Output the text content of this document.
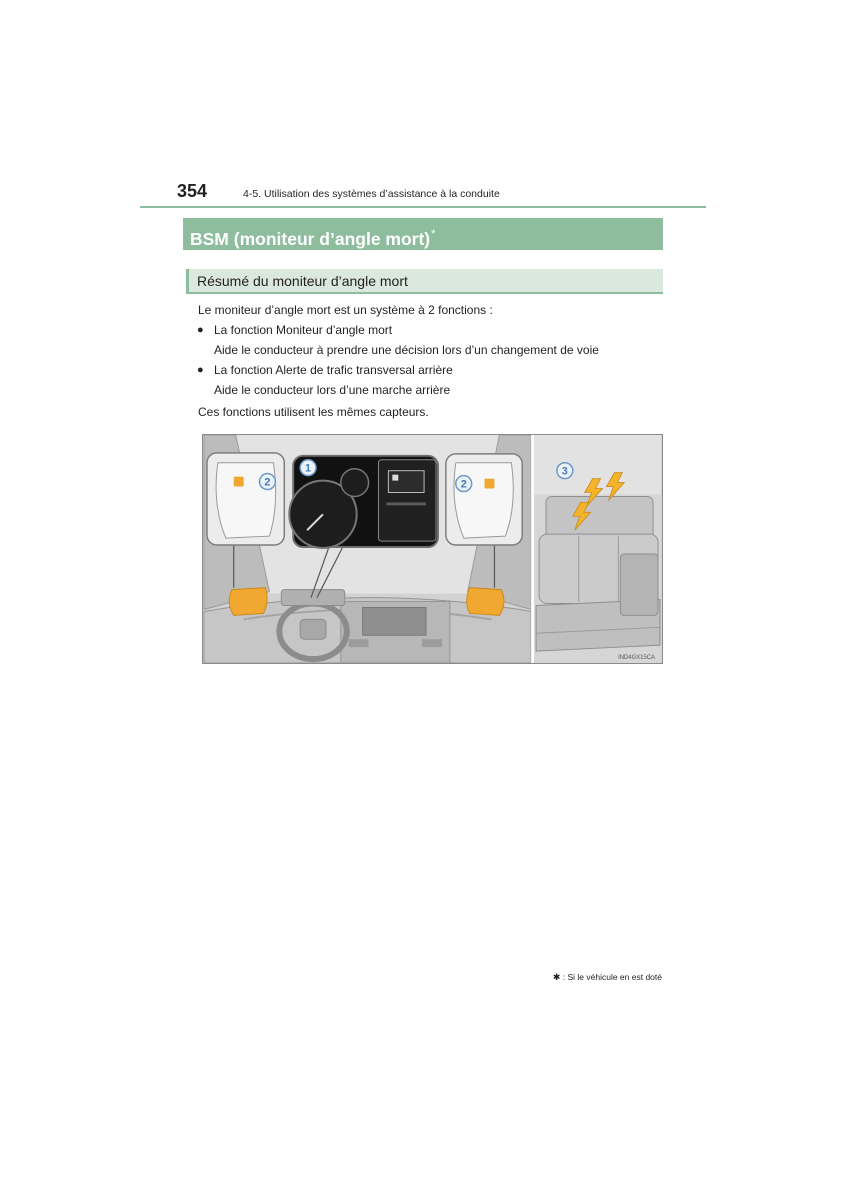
354	4-5. Utilisation des systèmes d’assistance à la conduite
BSM (moniteur d’angle mort)*
Résumé du moniteur d’angle mort
Le moniteur d’angle mort est un système à 2 fonctions :
● La fonction Moniteur d’angle mort
Aide le conducteur à prendre une décision lors d’un changement de voie
● La fonction Alerte de trafic transversal arrière
Aide le conducteur lors d’une marche arrière
Ces fonctions utilisent les mêmes capteurs.
2
1
2
3
IND4GX15CA
✱ : Si le véhicule en est doté
